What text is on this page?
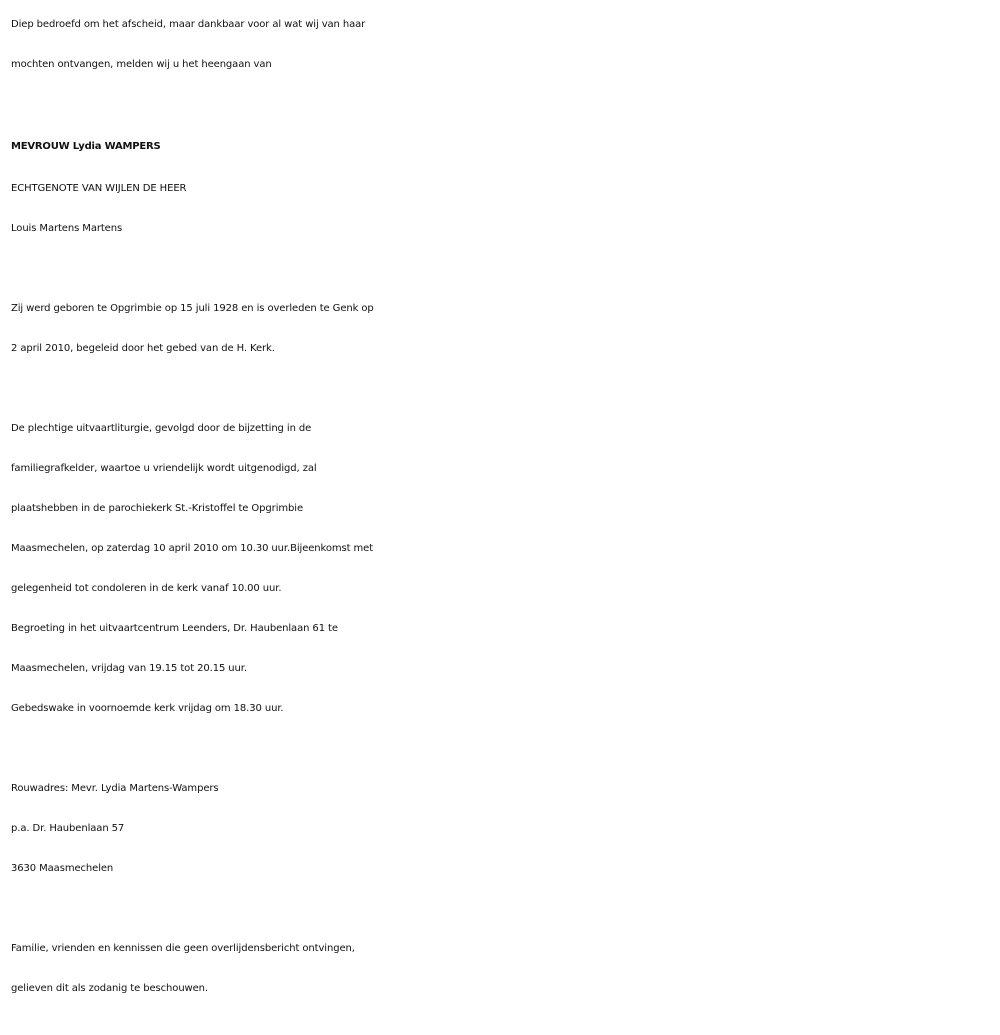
Diep bedroefd om het afscheid, maar dankbaar voor al wat wij van haar
mochten ontvangen, melden wij u het heengaan van
MEVROUW Lydia WAMPERS
ECHTGENOTE VAN WIJLEN DE HEER
Louis Martens Martens
Zij werd geboren te Opgrimbie op 15 juli 1928 en is overleden te Genk op
2 april 2010, begeleid door het gebed van de H. Kerk.
De plechtige uitvaartliturgie, gevolgd door de bijzetting in de
familiegrafkelder, waartoe u vriendelijk wordt uitgenodigd, zal
plaatshebben in de parochiekerk St.-Kristoffel te Opgrimbie
Maasmechelen, op zaterdag 10 april 2010 om 10.30 uur.Bijeenkomst met
gelegenheid tot condoleren in de kerk vanaf 10.00 uur.
Begroeting in het uitvaartcentrum Leenders, Dr. Haubenlaan 61 te
Maasmechelen, vrijdag van 19.15 tot 20.15 uur.
Gebedswake in voornoemde kerk vrijdag om 18.30 uur.
Rouwadres: Mevr. Lydia Martens-Wampers
p.a. Dr. Haubenlaan 57
3630 Maasmechelen
Familie, vrienden en kennissen die geen overlijdensbericht ontvingen,
gelieven dit als zodanig te beschouwen.
